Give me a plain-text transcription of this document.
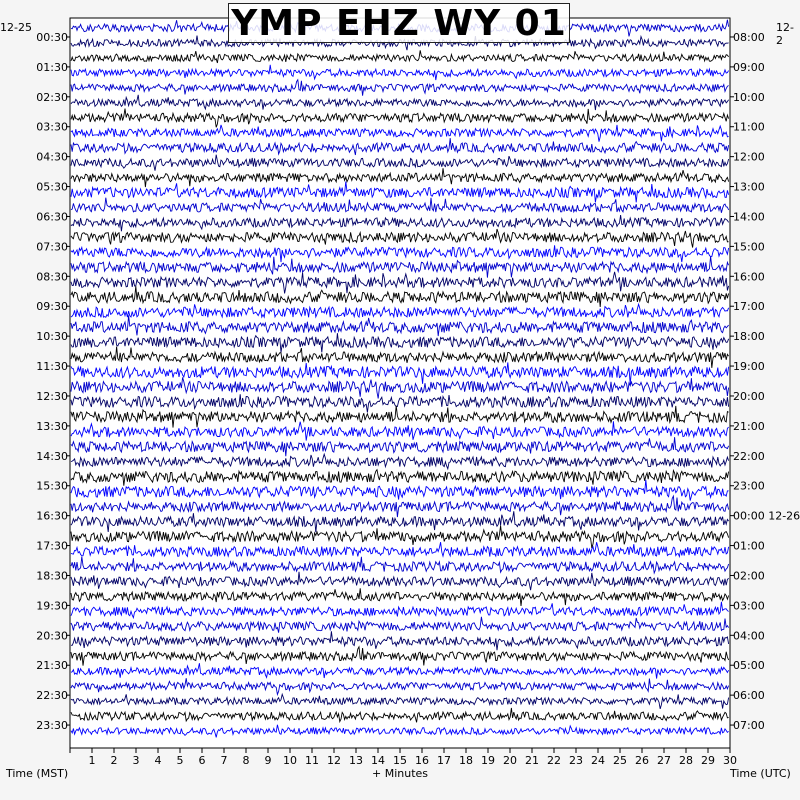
1 2 3 4 5 6 7 8 9 10 11 12 13 14 15 16 17 18 19 20 21 22 23 24 25 26 27 28 29 30
00:30
01:30
02:30
03:30
04:30
05:30
06:30
07:30
08:30
09:30
10:30
11:30
12:30
13:30
14:30
15:30
16:30
17:30
18:30
19:30
20:30
21:30
22:30
23:30
08:00
09:00
10:00
11:00
12:00
13:00
14:00
15:00
16:00
17:00
18:00
19:00
20:00
21:00
22:00
23:00
00:00 12-26
01:00
02:00
03:00
04:00
05:00
06:00
07:00
YMP EHZ WY 01
12-25	12-2
Time (MST)	+ Minutes	Time (UTC)
